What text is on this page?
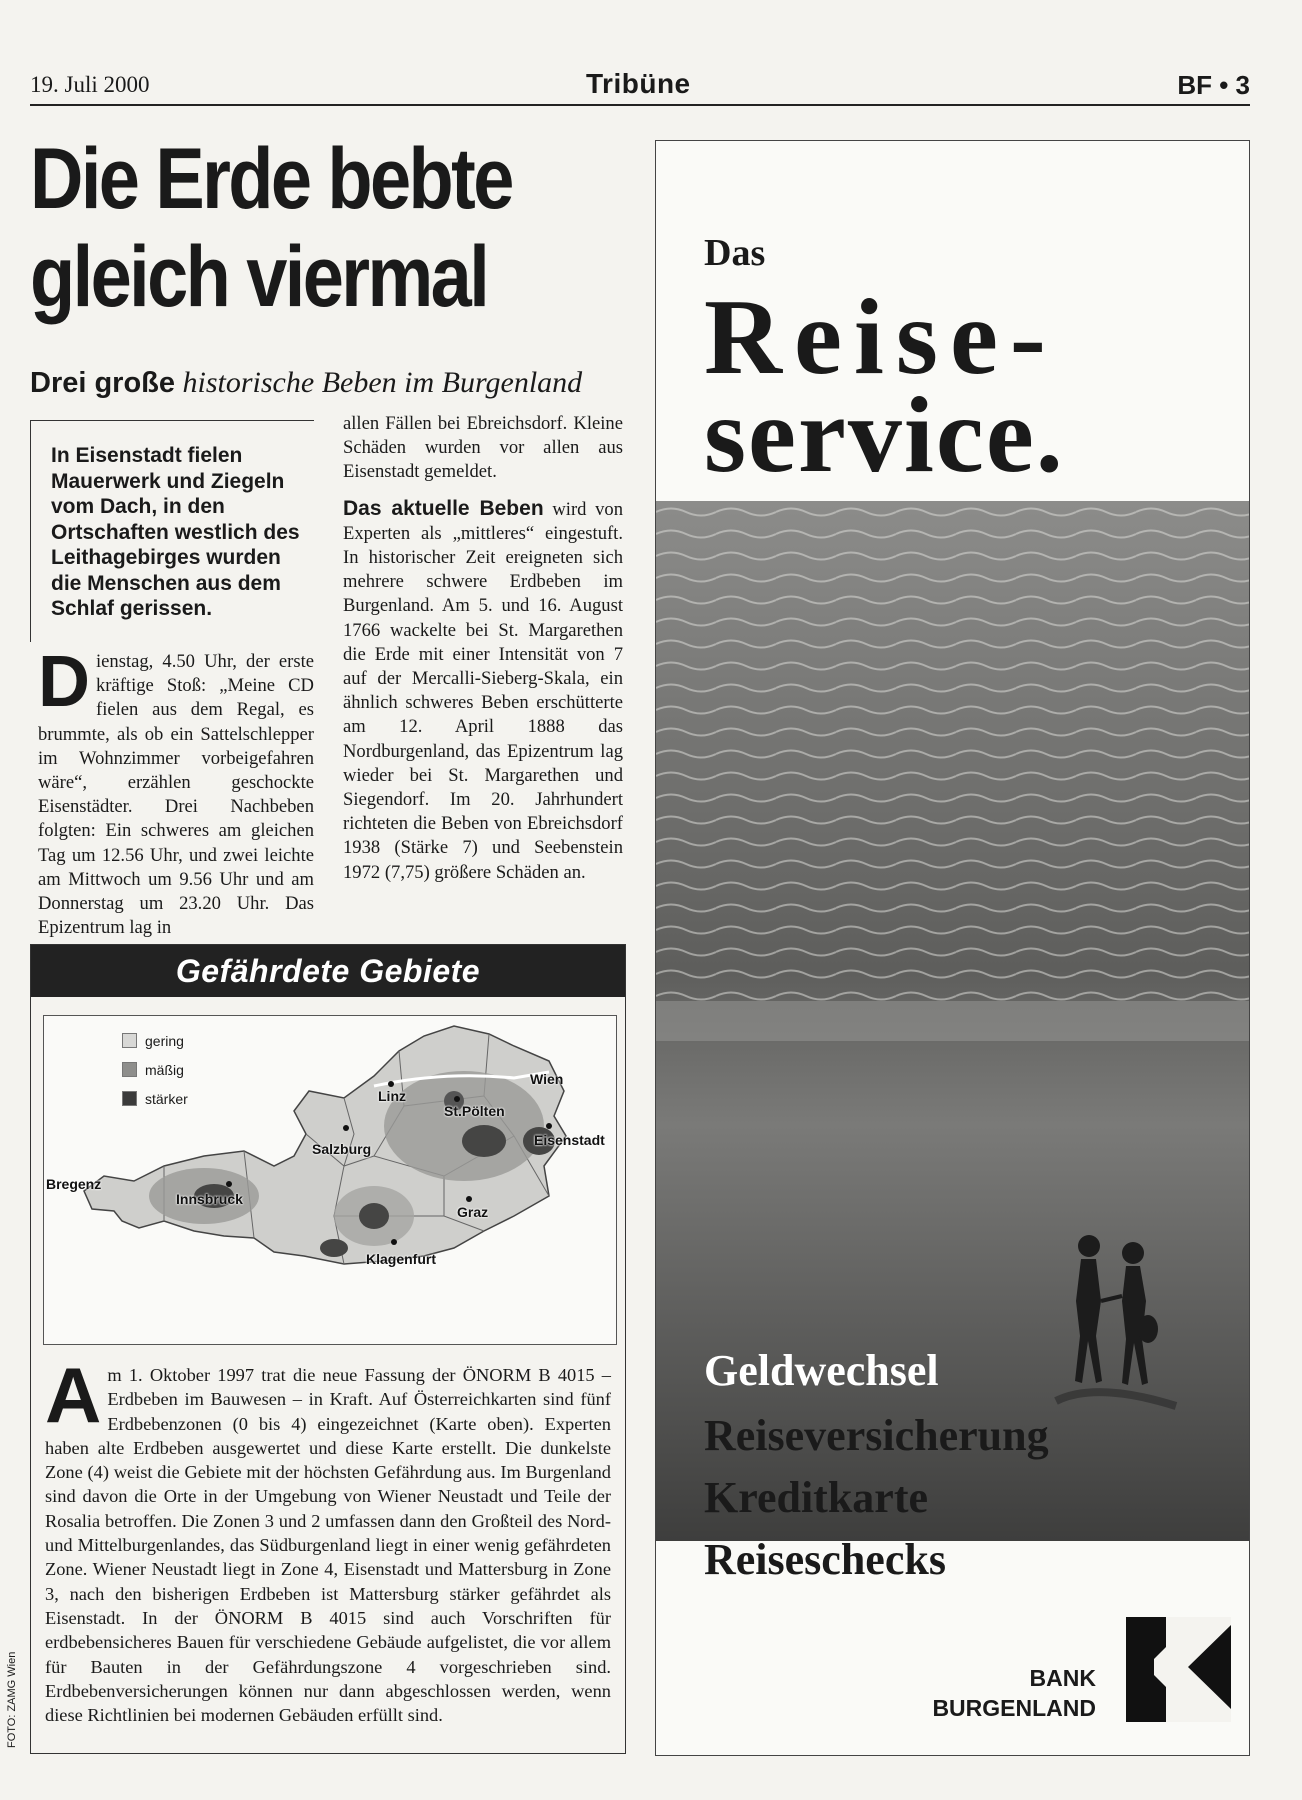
19. Juli 2000	Tribüne	BF • 3
Die Erde bebte
gleich viermal
Drei große historische Beben im Burgenland
In Eisenstadt fielen Mauerwerk und Ziegeln vom Dach, in den Ortschaften westlich des Leithagebirges wurden die Menschen aus dem Schlaf gerissen.
D ienstag, 4.50 Uhr, der erste kräftige Stoß: „Meine CD fielen aus dem Regal, es brummte, als ob ein Sattelschlepper im Wohnzimmer vorbeigefahren wäre“, erzählen geschockte Eisenstädter. Drei Nachbeben folgten: Ein schweres am gleichen Tag um 12.56 Uhr, und zwei leichte am Mittwoch um 9.56 Uhr und am Donnerstag um 23.20 Uhr. Das Epizentrum lag in

allen Fällen bei Ebreichsdorf. Kleine Schäden wurden vor allen aus Eisenstadt gemeldet.

Das aktuelle Beben wird von Experten als „mittleres“ eingestuft. In historischer Zeit ereigneten sich mehrere schwere Erdbeben im Burgenland. Am 5. und 16. August 1766 wackelte bei St. Margarethen die Erde mit einer Intensität von 7 auf der Mercalli-Sieberg-Skala, ein ähnlich schweres Beben erschütterte am 12. April 1888 das Nordburgenland, das Epizentrum lag wieder bei St. Margarethen und Siegendorf. Im 20. Jahrhundert richteten die Beben von Ebreichsdorf 1938 (Stärke 7) und Seebenstein 1972 (7,75) größere Schäden an.

Gefährdete Gebiete
gering
mäßig
stärker	Linz
Wien
St.Pölten
Eisenstadt
Salzburg
Bregenz
Innsbruck
Graz
Klagenfurt
A m 1. Oktober 1997 trat die neue Fassung der ÖNORM B 4015 – Erdbeben im Bauwesen – in Kraft. Auf Österreichkarten sind fünf Erdbebenzonen (0 bis 4) eingezeichnet (Karte oben). Experten haben alte Erdbeben ausgewertet und diese Karte erstellt. Die dunkelste Zone (4) weist die Gebiete mit der höchsten Gefährdung aus. Im Burgenland sind davon die Orte in der Umgebung von Wiener Neustadt und Teile der Rosalia betroffen. Die Zonen 3 und 2 umfassen dann den Großteil des Nord- und Mittelburgenlandes, das Südburgenland liegt in einer wenig gefährdeten Zone. Wiener Neustadt liegt in Zone 4, Eisenstadt und Mattersburg in Zone 3, nach den bisherigen Erdbeben ist Mattersburg stärker gefährdet als Eisenstadt. In der ÖNORM B 4015 sind auch Vorschriften für erdbebensicheres Bauen für verschiedene Gebäude aufgelistet, die vor allem für Bauten in der Gefährdungszone 4 vorgeschrieben sind. Erdbebenversicherungen können nur dann abgeschlossen werden, wenn diese Richtlinien bei modernen Gebäuden erfüllt sind.
FOTO: ZAMG Wien
Das
Reise-
service.
Geldwechsel
Reiseversicherung
Kreditkarte
Reiseschecks
BANK
BURGENLAND
